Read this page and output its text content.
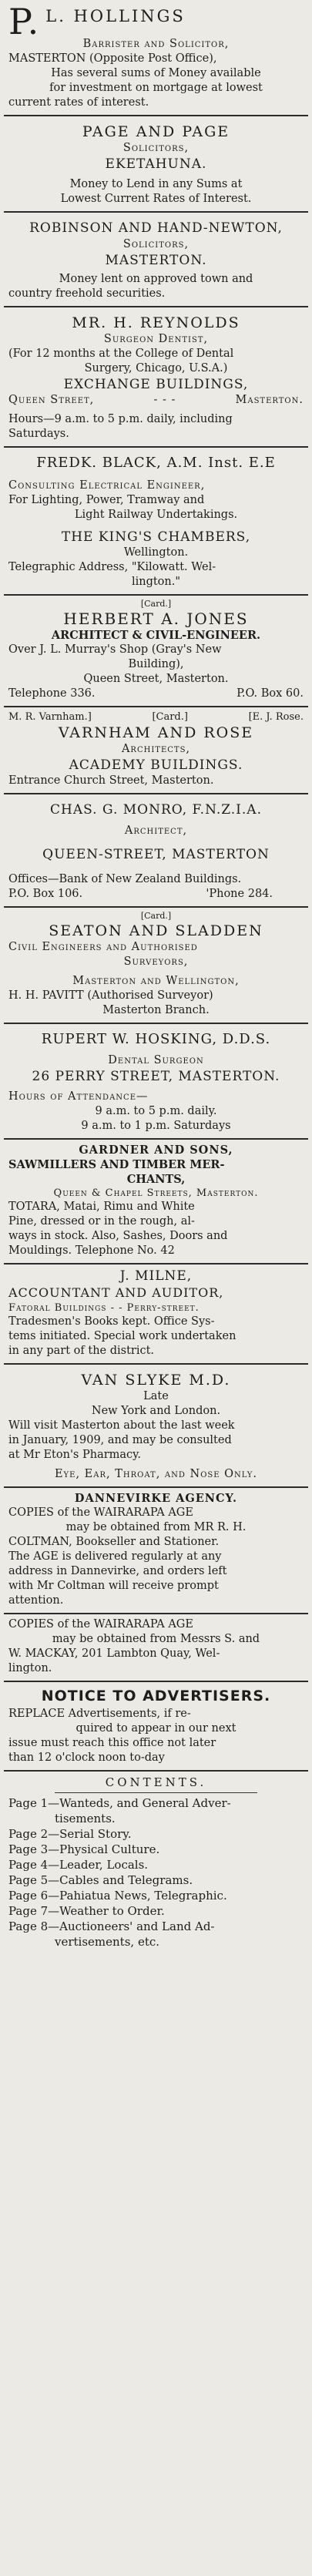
P. L. HOLLINGS
Barrister and Solicitor,
MASTERTON (Opposite Post Office),
Has several sums of Money available
for investment on mortgage at lowest
current rates of interest.
PAGE AND PAGE
Solicitors,
EKETAHUNA.
Money to Lend in any Sums at
Lowest Current Rates of Interest.
ROBINSON AND HAND-NEWTON,
Solicitors,
MASTERTON.
Money lent on approved town and
country freehold securities.
MR. H. REYNOLDS
Surgeon Dentist,
(For 12 months at the College of Dental
Surgery, Chicago, U.S.A.)
EXCHANGE BUILDINGS,
Queen Street,	- - -	Masterton.
Hours—9 a.m. to 5 p.m. daily, including
Saturdays.
FREDK. BLACK, A.M. Inst. E.E
Consulting Electrical Engineer,
For Lighting, Power, Tramway and
Light Railway Undertakings.
THE KING'S CHAMBERS,
Wellington.
Telegraphic Address, "Kilowatt. Wel-
lington."
[Card.]
HERBERT A. JONES
ARCHITECT & CIVIL-ENGINEER.
Over J. L. Murray's Shop (Gray's New
Building),
Queen Street, Masterton.
Telephone 336.	P.O. Box 60.
M. R. Varnham.]	[Card.]	[E. J. Rose.
VARNHAM AND ROSE
Architects,
ACADEMY BUILDINGS.
Entrance Church Street, Masterton.
CHAS. G. MONRO, F.N.Z.I.A.
Architect,
QUEEN-STREET, MASTERTON
Offices—Bank of New Zealand Buildings.
P.O. Box 106.	'Phone 284.
[Card.]
SEATON AND SLADDEN
Civil Engineers and Authorised
Surveyors,
Masterton and Wellington,
H. H. PAVITT (Authorised Surveyor)
Masterton Branch.
RUPERT W. HOSKING, D.D.S.
Dental Surgeon
26 PERRY STREET, MASTERTON.
Hours of Attendance—
9 a.m. to 5 p.m. daily.
9 a.m. to 1 p.m. Saturdays
GARDNER AND SONS,
SAWMILLERS AND TIMBER MER-
CHANTS,
Queen & Chapel Streets, Masterton.
TOTARA, Matai, Rimu and White
Pine, dressed or in the rough, al-
ways in stock. Also, Sashes, Doors and
Mouldings. Telephone No. 42
J. MILNE,
ACCOUNTANT AND AUDITOR,
Fatoral Buildings - - Perry-street.
Tradesmen's Books kept. Office Sys-
tems initiated. Special work undertaken
in any part of the district.
VAN SLYKE M.D.
Late
New York and London.
Will visit Masterton about the last week
in January, 1909, and may be consulted
at Mr Eton's Pharmacy.
Eye, Ear, Throat, and Nose Only.
DANNEVIRKE AGENCY.
COPIES of the WAIRARAPA AGE
may be obtained from MR R. H.
COLTMAN, Bookseller and Stationer.
The AGE is delivered regularly at any
address in Dannevirke, and orders left
with Mr Coltman will receive prompt
attention.
COPIES of the WAIRARAPA AGE
may be obtained from Messrs S. and
W. MACKAY, 201 Lambton Quay, Wel-
lington.
NOTICE TO ADVERTISERS.
REPLACE Advertisements, if re-
quired to appear in our next
issue must reach this office not later
than 12 o'clock noon to-day
CONTENTS.
Page 1—Wanteds, and General Adver-
tisements.
Page 2—Serial Story.
Page 3—Physical Culture.
Page 4—Leader, Locals.
Page 5—Cables and Telegrams.
Page 6—Pahiatua News, Telegraphic.
Page 7—Weather to Order.
Page 8—Auctioneers' and Land Ad-
vertisements, etc.
